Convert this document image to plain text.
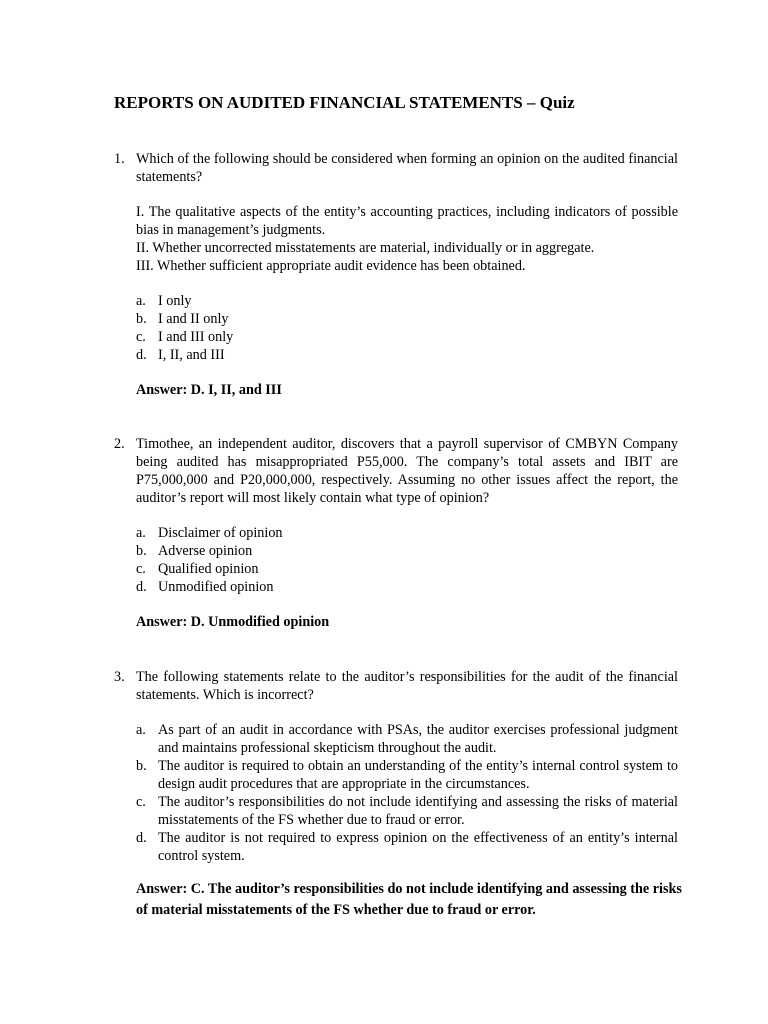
REPORTS ON AUDITED FINANCIAL STATEMENTS – Quiz
1. Which of the following should be considered when forming an opinion on the audited financial statements?
I. The qualitative aspects of the entity’s accounting practices, including indicators of possible bias in management’s judgments.
II. Whether uncorrected misstatements are material, individually or in aggregate.
III. Whether sufficient appropriate audit evidence has been obtained.
a. I only
b. I and II only
c. I and III only
d. I, II, and III
Answer: D. I, II, and III
2. Timothee, an independent auditor, discovers that a payroll supervisor of CMBYN Company being audited has misappropriated P55,000. The company’s total assets and IBIT are P75,000,000 and P20,000,000, respectively. Assuming no other issues affect the report, the auditor’s report will most likely contain what type of opinion?
a. Disclaimer of opinion
b. Adverse opinion
c. Qualified opinion
d. Unmodified opinion
Answer: D. Unmodified opinion
3. The following statements relate to the auditor’s responsibilities for the audit of the financial statements. Which is incorrect?
a. As part of an audit in accordance with PSAs, the auditor exercises professional judgment and maintains professional skepticism throughout the audit.
b. The auditor is required to obtain an understanding of the entity’s internal control system to design audit procedures that are appropriate in the circumstances.
c. The auditor’s responsibilities do not include identifying and assessing the risks of material misstatements of the FS whether due to fraud or error.
d. The auditor is not required to express opinion on the effectiveness of an entity’s internal control system.
Answer: C. The auditor’s responsibilities do not include identifying and assessing the risks of material misstatements of the FS whether due to fraud or error.
